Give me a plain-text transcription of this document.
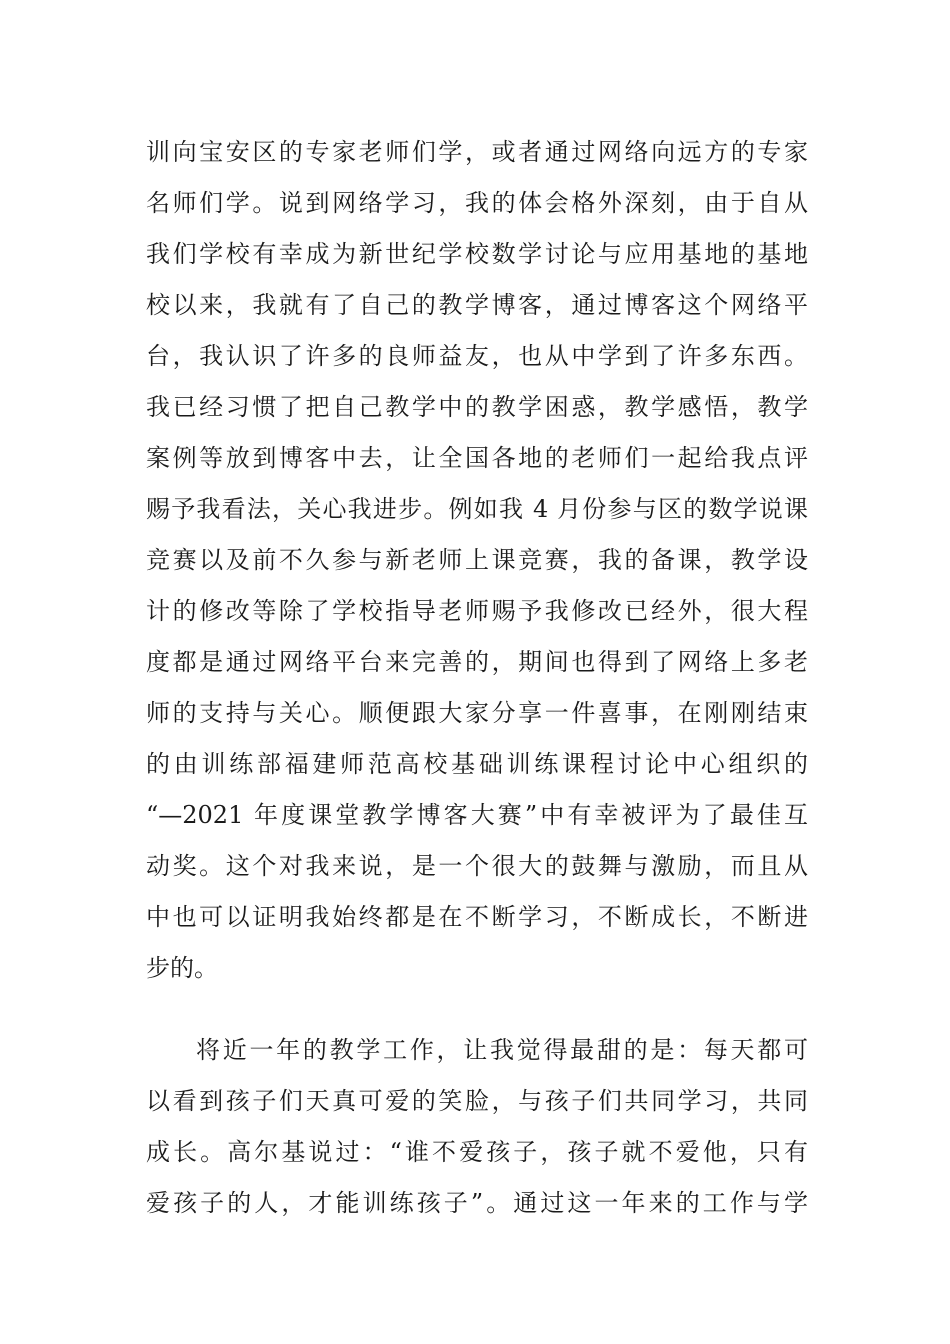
训向宝安区的专家老师们学，或者通过网络向远方的专家
名师们学。说到网络学习，我的体会格外深刻，由于自从
我们学校有幸成为新世纪学校数学讨论与应用基地的基地
校以来，我就有了自己的教学博客，通过博客这个网络平
台，我认识了许多的良师益友，也从中学到了许多东西。
我已经习惯了把自己教学中的教学困惑，教学感悟，教学
案例等放到博客中去，让全国各地的老师们一起给我点评
赐予我看法，关心我进步。例如我 4 月份参与区的数学说课
竞赛以及前不久参与新老师上课竞赛，我的备课，教学设
计的修改等除了学校指导老师赐予我修改已经外，很大程
度都是通过网络平台来完善的，期间也得到了网络上多老
师的支持与关心。顺便跟大家分享一件喜事，在刚刚结束
的由训练部福建师范高校基础训练课程讨论中心组织的
“—2021 年度课堂教学博客大赛”中有幸被评为了最佳互
动奖。这个对我来说，是一个很大的鼓舞与激励，而且从
中也可以证明我始终都是在不断学习，不断成长，不断进
步的。
将近一年的教学工作，让我觉得最甜的是：每天都可
以看到孩子们天真可爱的笑脸，与孩子们共同学习，共同
成长。高尔基说过：“谁不爱孩子，孩子就不爱他，只有
爱孩子的人，才能训练孩子”。通过这一年来的工作与学
